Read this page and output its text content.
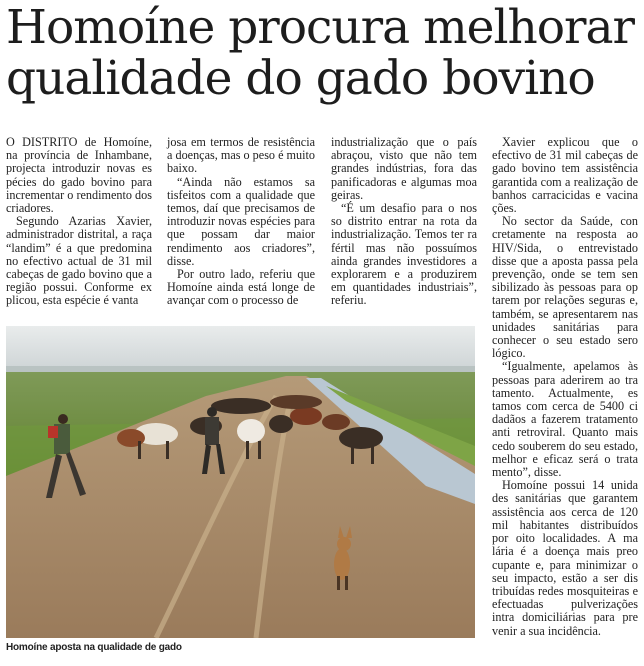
Homoíne procura melhorar qualidade do gado bovino

O DISTRITO de Homoíne, na província de Inhambane, projecta introduzir novas es pécies do gado bovino para incrementar o rendimento dos criadores.

Segundo Azarias Xavier, administrador distrital, a raça “landim” é a que predomina no efectivo actual de 31 mil cabeças de gado bovino que a região possui. Conforme ex plicou, esta espécie é vanta

josa em termos de resistência a doenças, mas o peso é muito baixo.

“Ainda não estamos sa tisfeitos com a qualidade que temos, daí que precisamos de introduzir novas espécies para que possam dar maior rendimento aos criadores”, disse.

Por outro lado, referiu que Homoíne ainda está longe de avançar com o processo de

industrialização que o país abraçou, visto que não tem grandes indústrias, fora das panificadoras e algumas moa geiras.

“É um desafio para o nos so distrito entrar na rota da industrialização. Temos ter ra fértil mas não possuímos ainda grandes investidores a explorarem e a produzirem em quantidades industriais”, referiu.

Xavier explicou que o efectivo de 31 mil cabeças de gado bovino tem assistência garantida com a realização de banhos carracicidas e vacina ções.

No sector da Saúde, con cretamente na resposta ao HIV/Sida, o entrevistado disse que a aposta passa pela prevenção, onde se tem sen sibilizado às pessoas para op tarem por relações seguras e, também, se apresentarem nas unidades sanitárias para conhecer o seu estado sero lógico.

“Igualmente, apelamos às pessoas para aderirem ao tra tamento. Actualmente, es tamos com cerca de 5400 ci dadãos a fazerem tratamento anti retroviral. Quanto mais cedo souberem do seu estado, melhor e eficaz será o trata mento”, disse.

Homoíne possui 14 unida des sanitárias que garantem assistência aos cerca de 120 mil habitantes distribuídos por oito localidades. A ma lária é a doença mais preo cupante e, para minimizar o seu impacto, estão a ser dis tribuídas redes mosquiteiras e efectuadas pulverizações intra domiciliárias para pre venir a sua incidência.

Homoíne aposta na qualidade de gado
